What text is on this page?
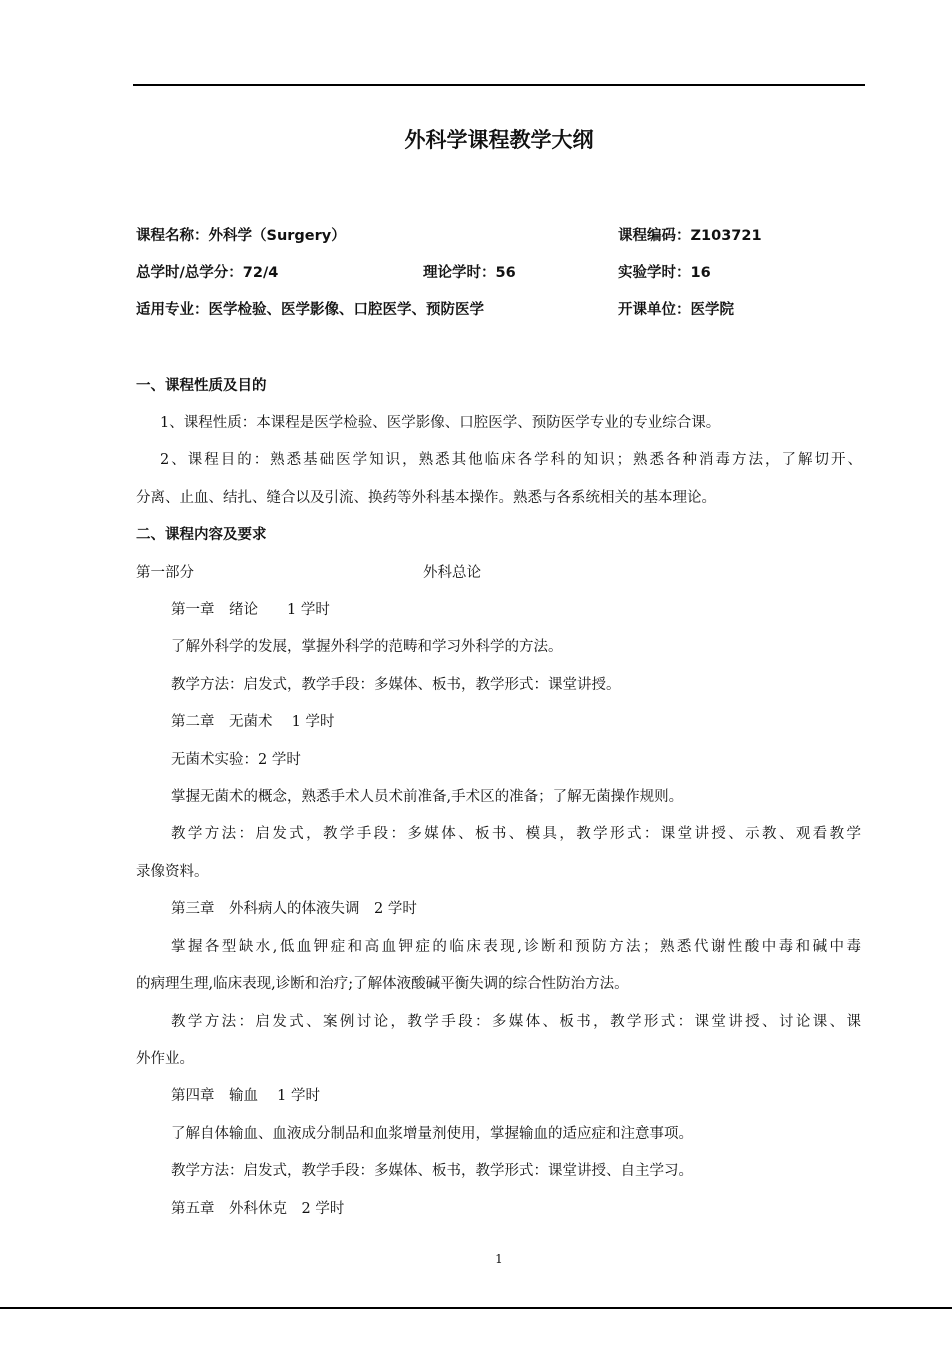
外科学课程教学大纲
课程名称：外科学（Surgery）	课程编码：Z103721
总学时/总学分：72/4	理论学时：56	实验学时：16
适用专业：医学检验、医学影像、口腔医学、预防医学	开课单位：医学院
一、课程性质及目的
1、课程性质：本课程是医学检验、医学影像、口腔医学、预防医学专业的专业综合课。
2、课程目的：熟悉基础医学知识，熟悉其他临床各学科的知识；熟悉各种消毒方法，了解切开、
分离、止血、结扎、缝合以及引流、换药等外科基本操作。熟悉与各系统相关的基本理论。
二、课程内容及要求
第一部分	外科总论
第一章　绪论　　1 学时
了解外科学的发展，掌握外科学的范畴和学习外科学的方法。
教学方法：启发式，教学手段：多媒体、板书，教学形式：课堂讲授。
第二章　无菌术　 1 学时
无菌术实验：2 学时
掌握无菌术的概念，熟悉手术人员术前准备,手术区的准备；了解无菌操作规则。
教学方法：启发式，教学手段：多媒体、板书、模具，教学形式：课堂讲授、示教、观看教学
录像资料。
第三章　外科病人的体液失调　2 学时
掌握各型缺水,低血钾症和高血钾症的临床表现,诊断和预防方法；熟悉代谢性酸中毒和碱中毒
的病理生理,临床表现,诊断和治疗;了解体液酸碱平衡失调的综合性防治方法。
教学方法：启发式、案例讨论，教学手段：多媒体、板书，教学形式：课堂讲授、讨论课、课
外作业。
第四章　输血　 1 学时
了解自体输血、血液成分制品和血浆增量剂使用，掌握输血的适应症和注意事项。
教学方法：启发式，教学手段：多媒体、板书，教学形式：课堂讲授、自主学习。
第五章　外科休克　2 学时
1
